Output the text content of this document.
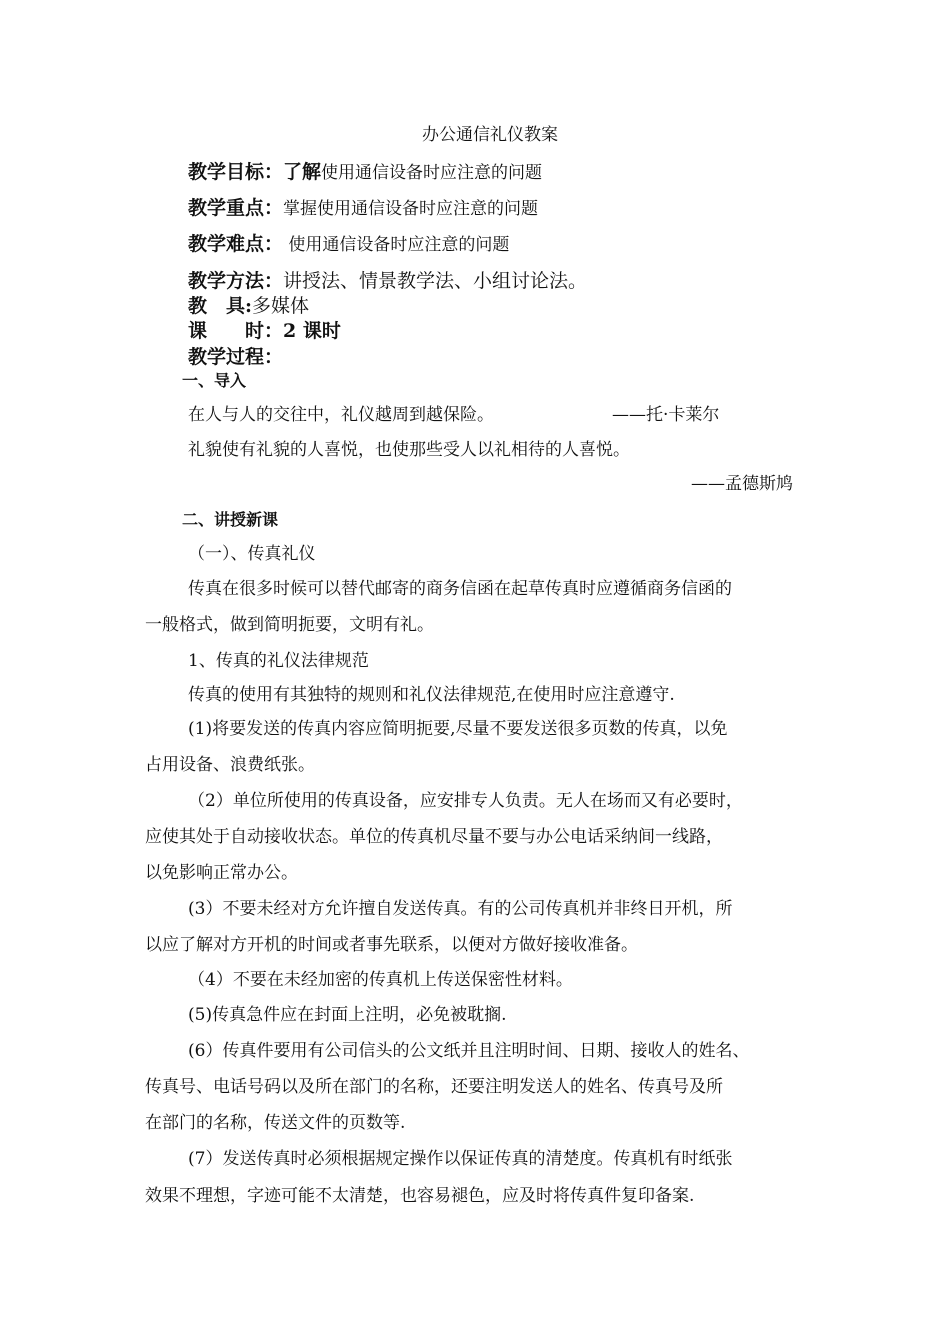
办公通信礼仪教案
教学目标：了解使用通信设备时应注意的问题
教学重点：掌握使用通信设备时应注意的问题
教学难点： 使用通信设备时应注意的问题
教学方法：讲授法、情景教学法、小组讨论法。
教　具:多媒体
课　　时：2 课时
教学过程：
一、导入
在人与人的交往中，礼仪越周到越保险。	——托·卡莱尔
礼貌使有礼貌的人喜悦，也使那些受人以礼相待的人喜悦。
——孟德斯鸠
二、讲授新课
（一）、传真礼仪
传真在很多时候可以替代邮寄的商务信函在起草传真时应遵循商务信函的
一般格式，做到简明扼要，文明有礼。
1、传真的礼仪法律规范
传真的使用有其独特的规则和礼仪法律规范,在使用时应注意遵守.
(1)将要发送的传真内容应简明扼要,尽量不要发送很多页数的传真，以免
占用设备、浪费纸张。
（2）单位所使用的传真设备，应安排专人负责。无人在场而又有必要时，
应使其处于自动接收状态。单位的传真机尽量不要与办公电话采纳间一线路，
以免影响正常办公。
(3）不要未经对方允许擅自发送传真。有的公司传真机并非终日开机，所
以应了解对方开机的时间或者事先联系，以便对方做好接收准备。
（4）不要在未经加密的传真机上传送保密性材料。
(5)传真急件应在封面上注明，必免被耽搁.
(6）传真件要用有公司信头的公文纸并且注明时间、日期、接收人的姓名、
传真号、电话号码以及所在部门的名称，还要注明发送人的姓名、传真号及所
在部门的名称，传送文件的页数等.
(7）发送传真时必须根据规定操作以保证传真的清楚度。传真机有时纸张
效果不理想，字迹可能不太清楚，也容易褪色，应及时将传真件复印备案.
